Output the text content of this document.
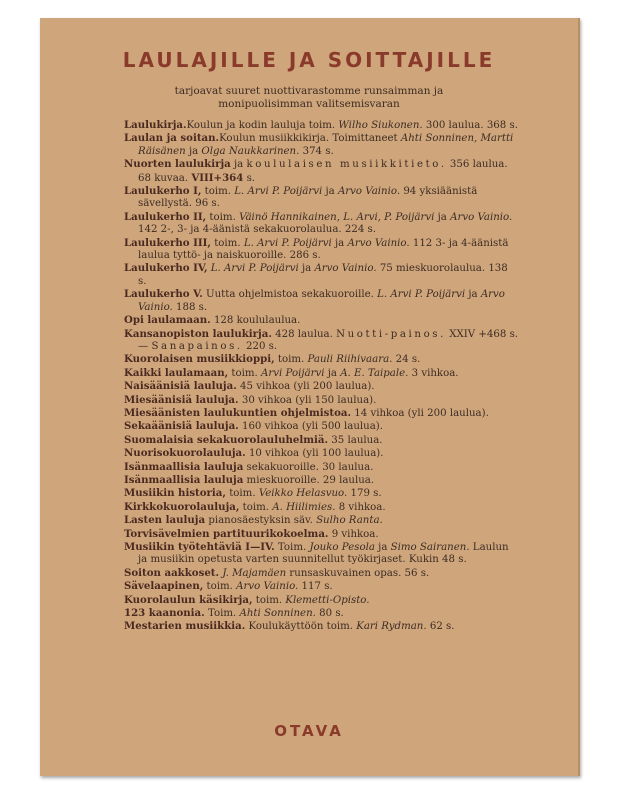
LAULAJILLE JA SOITTAJILLE
tarjoavat suuret nuottivarastomme runsaimman ja
monipuolisimman valitsemisvaran
Laulukirja.Koulun ja kodin lauluja toim. Wilho Siukonen. 300 laulua. 368 s.
Laulan ja soitan.Koulun musiikkikirja. Toimittaneet Ahti Sonninen, Martti Räisänen ja Olga Naukkarinen. 374 s.
Nuorten laulukirja ja koululaisen musiikkitieto. 356 laulua. 68 kuvaa. VIII+364 s.
Laulukerho I, toim. L. Arvi P. Poijärvi ja Arvo Vainio. 94 yksiäänistä sävellystä. 96 s.
Laulukerho II, toim. Väinö Hannikainen, L. Arvi, P. Poijärvi ja Arvo Vainio. 142 2-, 3- ja 4-äänistä sekakuorolaulua. 224 s.
Laulukerho III, toim. L. Arvi P. Poijärvi ja Arvo Vainio. 112 3- ja 4-äänistä laulua tyttö- ja naiskuoroille. 286 s.
Laulukerho IV, L. Arvi P. Poijärvi ja Arvo Vainio. 75 mieskuorolaulua. 138 s.
Laulukerho V. Uutta ohjelmistoa sekakuoroille. L. Arvi P. Poijärvi ja Arvo Vainio. 188 s.
Opi laulamaan. 128 koululaulua.
Kansanopiston laulukirja. 428 laulua. Nuotti-painos. XXIV +468 s. — Sanapainos. 220 s.
Kuorolaisen musiikkioppi, toim. Pauli Riihivaara. 24 s.
Kaikki laulamaan, toim. Arvi Poijärvi ja A. E. Taipale. 3 vihkoa.
Naisäänisiä lauluja. 45 vihkoa (yli 200 laulua).
Miesäänisiä lauluja. 30 vihkoa (yli 150 laulua).
Miesäänisten laulukuntien ohjelmistoa. 14 vihkoa (yli 200 laulua).
Sekaäänisiä lauluja. 160 vihkoa (yli 500 laulua).
Suomalaisia sekakuorolauluhelmiä. 35 laulua.
Nuorisokuorolauluja. 10 vihkoa (yli 100 laulua).
Isänmaallisia lauluja sekakuoroille. 30 laulua.
Isänmaallisia lauluja mieskuoroille. 29 laulua.
Musiikin historia, toim. Veikko Helasvuo. 179 s.
Kirkkokuorolauluja, toim. A. Hiilimies. 8 vihkoa.
Lasten lauluja pianosäestyksin säv. Sulho Ranta.
Torvisävelmien partituurikokoelma. 9 vihkoa.
Musiikin työtehtäviä I—IV. Toim. Jouko Pesola ja Simo Sairanen. Laulun ja musiikin opetusta varten suunnitellut työkirjaset. Kukin 48 s.
Soiton aakkoset. J. Majamäen runsaskuvainen opas. 56 s.
Sävelaapinen, toim. Arvo Vainio. 117 s.
Kuorolaulun käsikirja, toim. Klemetti-Opisto.
123 kaanonia. Toim. Ahti Sonninen. 80 s.
Mestarien musiikkia. Koulukäyttöön toim. Kari Rydman. 62 s.
OTAVA
